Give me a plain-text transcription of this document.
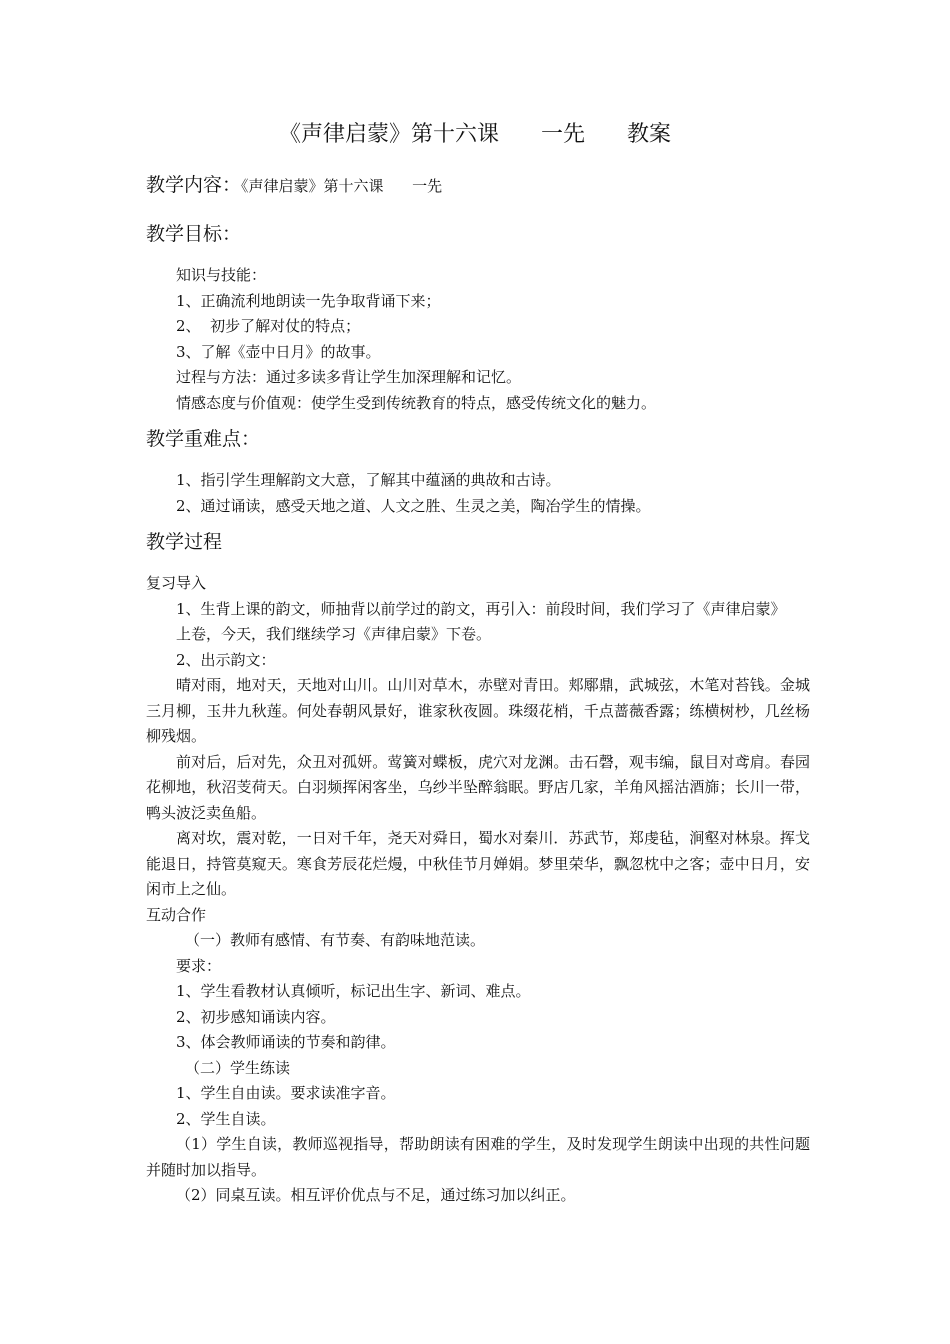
《声律启蒙》第十六课      一先      教案

教学内容：《声律启蒙》第十六课      一先

教学目标：

知识与技能：

1、正确流利地朗读一先争取背诵下来；

2、  初步了解对仗的特点；

3、了解《壶中日月》的故事。

过程与方法：通过多读多背让学生加深理解和记忆。

情感态度与价值观：使学生受到传统教育的特点，感受传统文化的魅力。

教学重难点：

1、指引学生理解韵文大意，了解其中蕴涵的典故和古诗。

2、通过诵读，感受天地之道、人文之胜、生灵之美，陶冶学生的情操。

教学过程

复习导入

1、生背上课的韵文，师抽背以前学过的韵文，再引入：前段时间，我们学习了《声律启蒙》

上卷，今天，我们继续学习《声律启蒙》下卷。

2、出示韵文：

晴对雨，地对天，天地对山川。山川对草木，赤壁对青田。郏鄏鼎，武城弦，木笔对苔钱。金城三月柳，玉井九秋莲。何处春朝风景好，谁家秋夜圆。珠缀花梢，千点蔷薇香露；练横树杪，几丝杨柳残烟。

前对后，后对先，众丑对孤妍。莺簧对蝶板，虎穴对龙渊。击石磬，观韦编，鼠目对鸢肩。春园花柳地，秋沼芰荷天。白羽频挥闲客坐，乌纱半坠醉翁眠。野店几家，羊角风摇沽酒旆；长川一带，鸭头波泛卖鱼船。

离对坎，震对乾，一日对千年，尧天对舜日，蜀水对秦川．苏武节，郑虔毡，涧壑对林泉。挥戈能退日，持管莫窥天。寒食芳辰花烂熳，中秋佳节月婵娟。梦里荣华，飘忽枕中之客；壶中日月，安闲市上之仙。

互动合作

（一）教师有感情、有节奏、有韵味地范读。

要求：

1、学生看教材认真倾听，标记出生字、新词、难点。

2、初步感知诵读内容。

3、体会教师诵读的节奏和韵律。

（二）学生练读

1、学生自由读。要求读准字音。

2、学生自读。

（1）学生自读，教师巡视指导，帮助朗读有困难的学生，及时发现学生朗读中出现的共性问题并随时加以指导。

（2）同桌互读。相互评价优点与不足，通过练习加以纠正。
